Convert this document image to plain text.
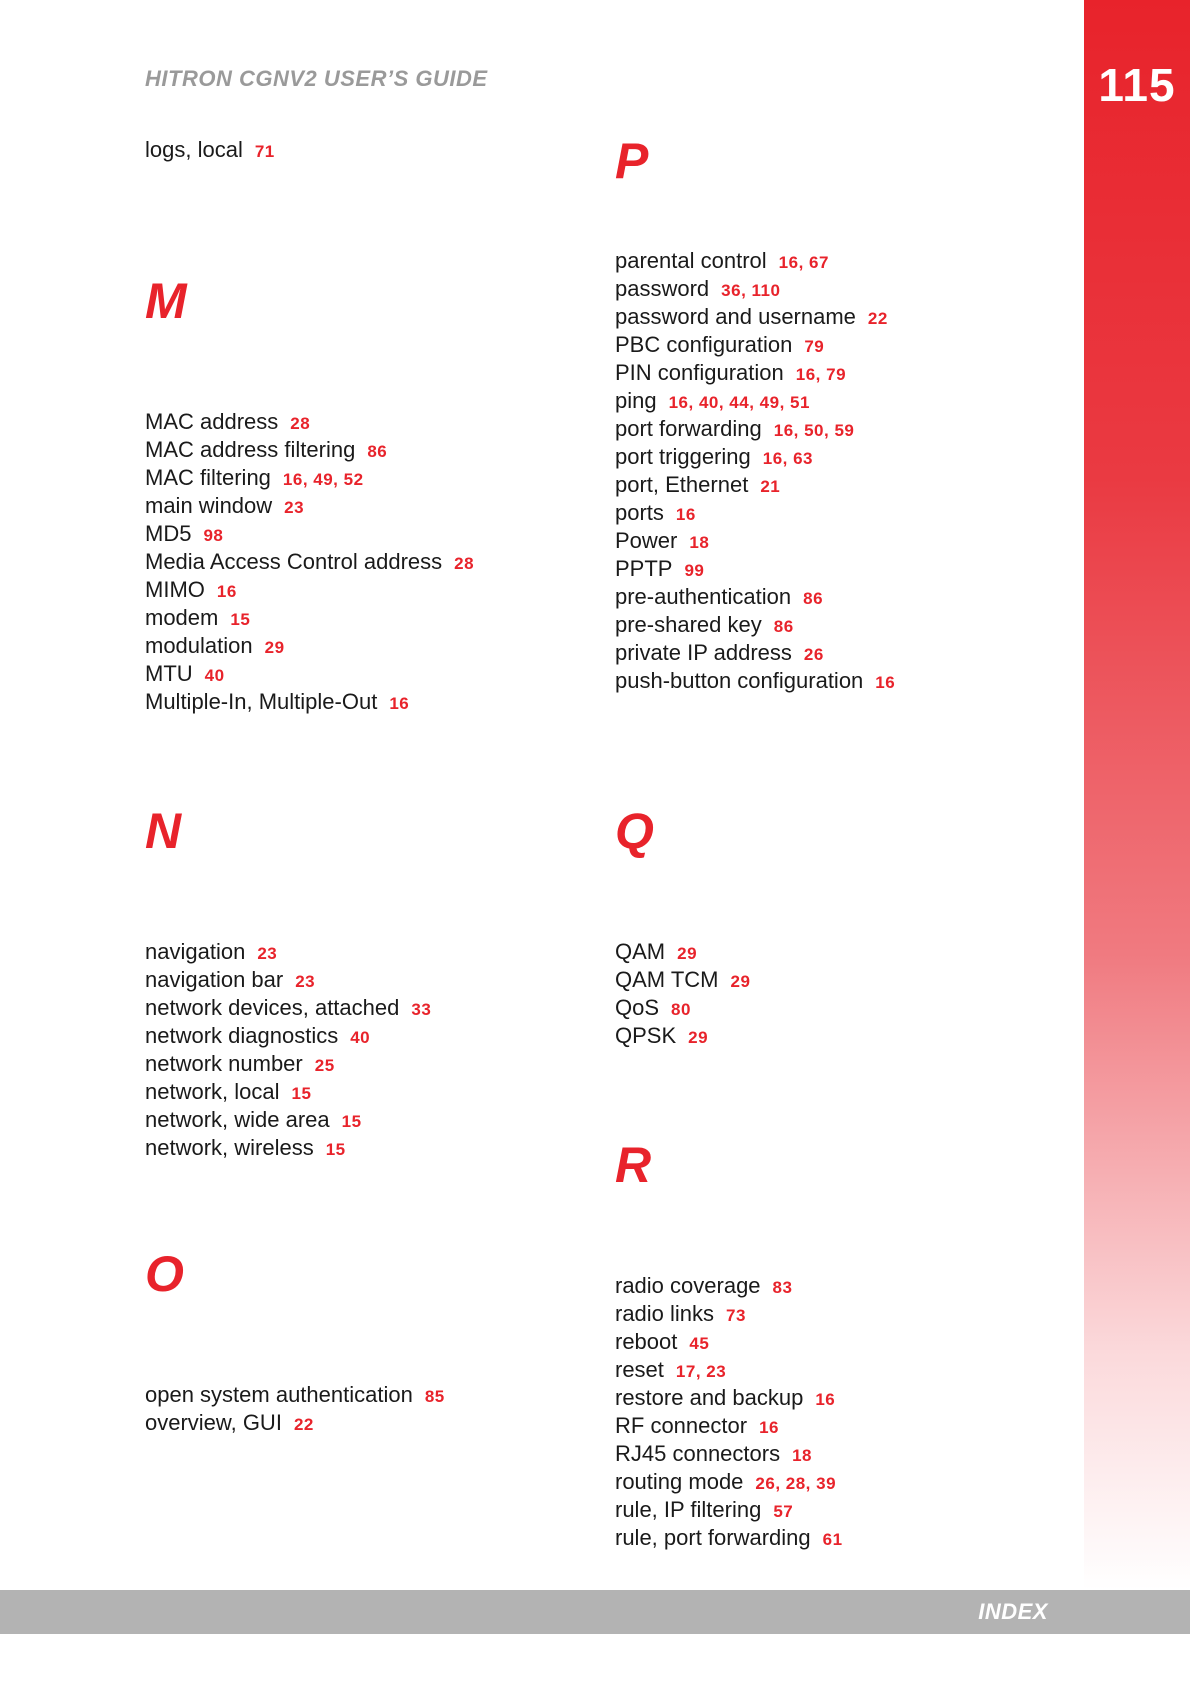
115
HITRON CGNV2 USER’S GUIDE
logs, local 71
M
MAC address 28
MAC address filtering 86
MAC filtering 16, 49, 52
main window 23
MD5 98
Media Access Control address 28
MIMO 16
modem 15
modulation 29
MTU 40
Multiple-In, Multiple-Out 16
N
navigation 23
navigation bar 23
network devices, attached 33
network diagnostics 40
network number 25
network, local 15
network, wide area 15
network, wireless 15
O
open system authentication 85
overview, GUI 22
P
parental control 16, 67
password 36, 110
password and username 22
PBC configuration 79
PIN configuration 16, 79
ping 16, 40, 44, 49, 51
port forwarding 16, 50, 59
port triggering 16, 63
port, Ethernet 21
ports 16
Power 18
PPTP 99
pre-authentication 86
pre-shared key 86
private IP address 26
push-button configuration 16
Q
QAM 29
QAM TCM 29
QoS 80
QPSK 29
R
radio coverage 83
radio links 73
reboot 45
reset 17, 23
restore and backup 16
RF connector 16
RJ45 connectors 18
routing mode 26, 28, 39
rule, IP filtering 57
rule, port forwarding 61
INDEX
